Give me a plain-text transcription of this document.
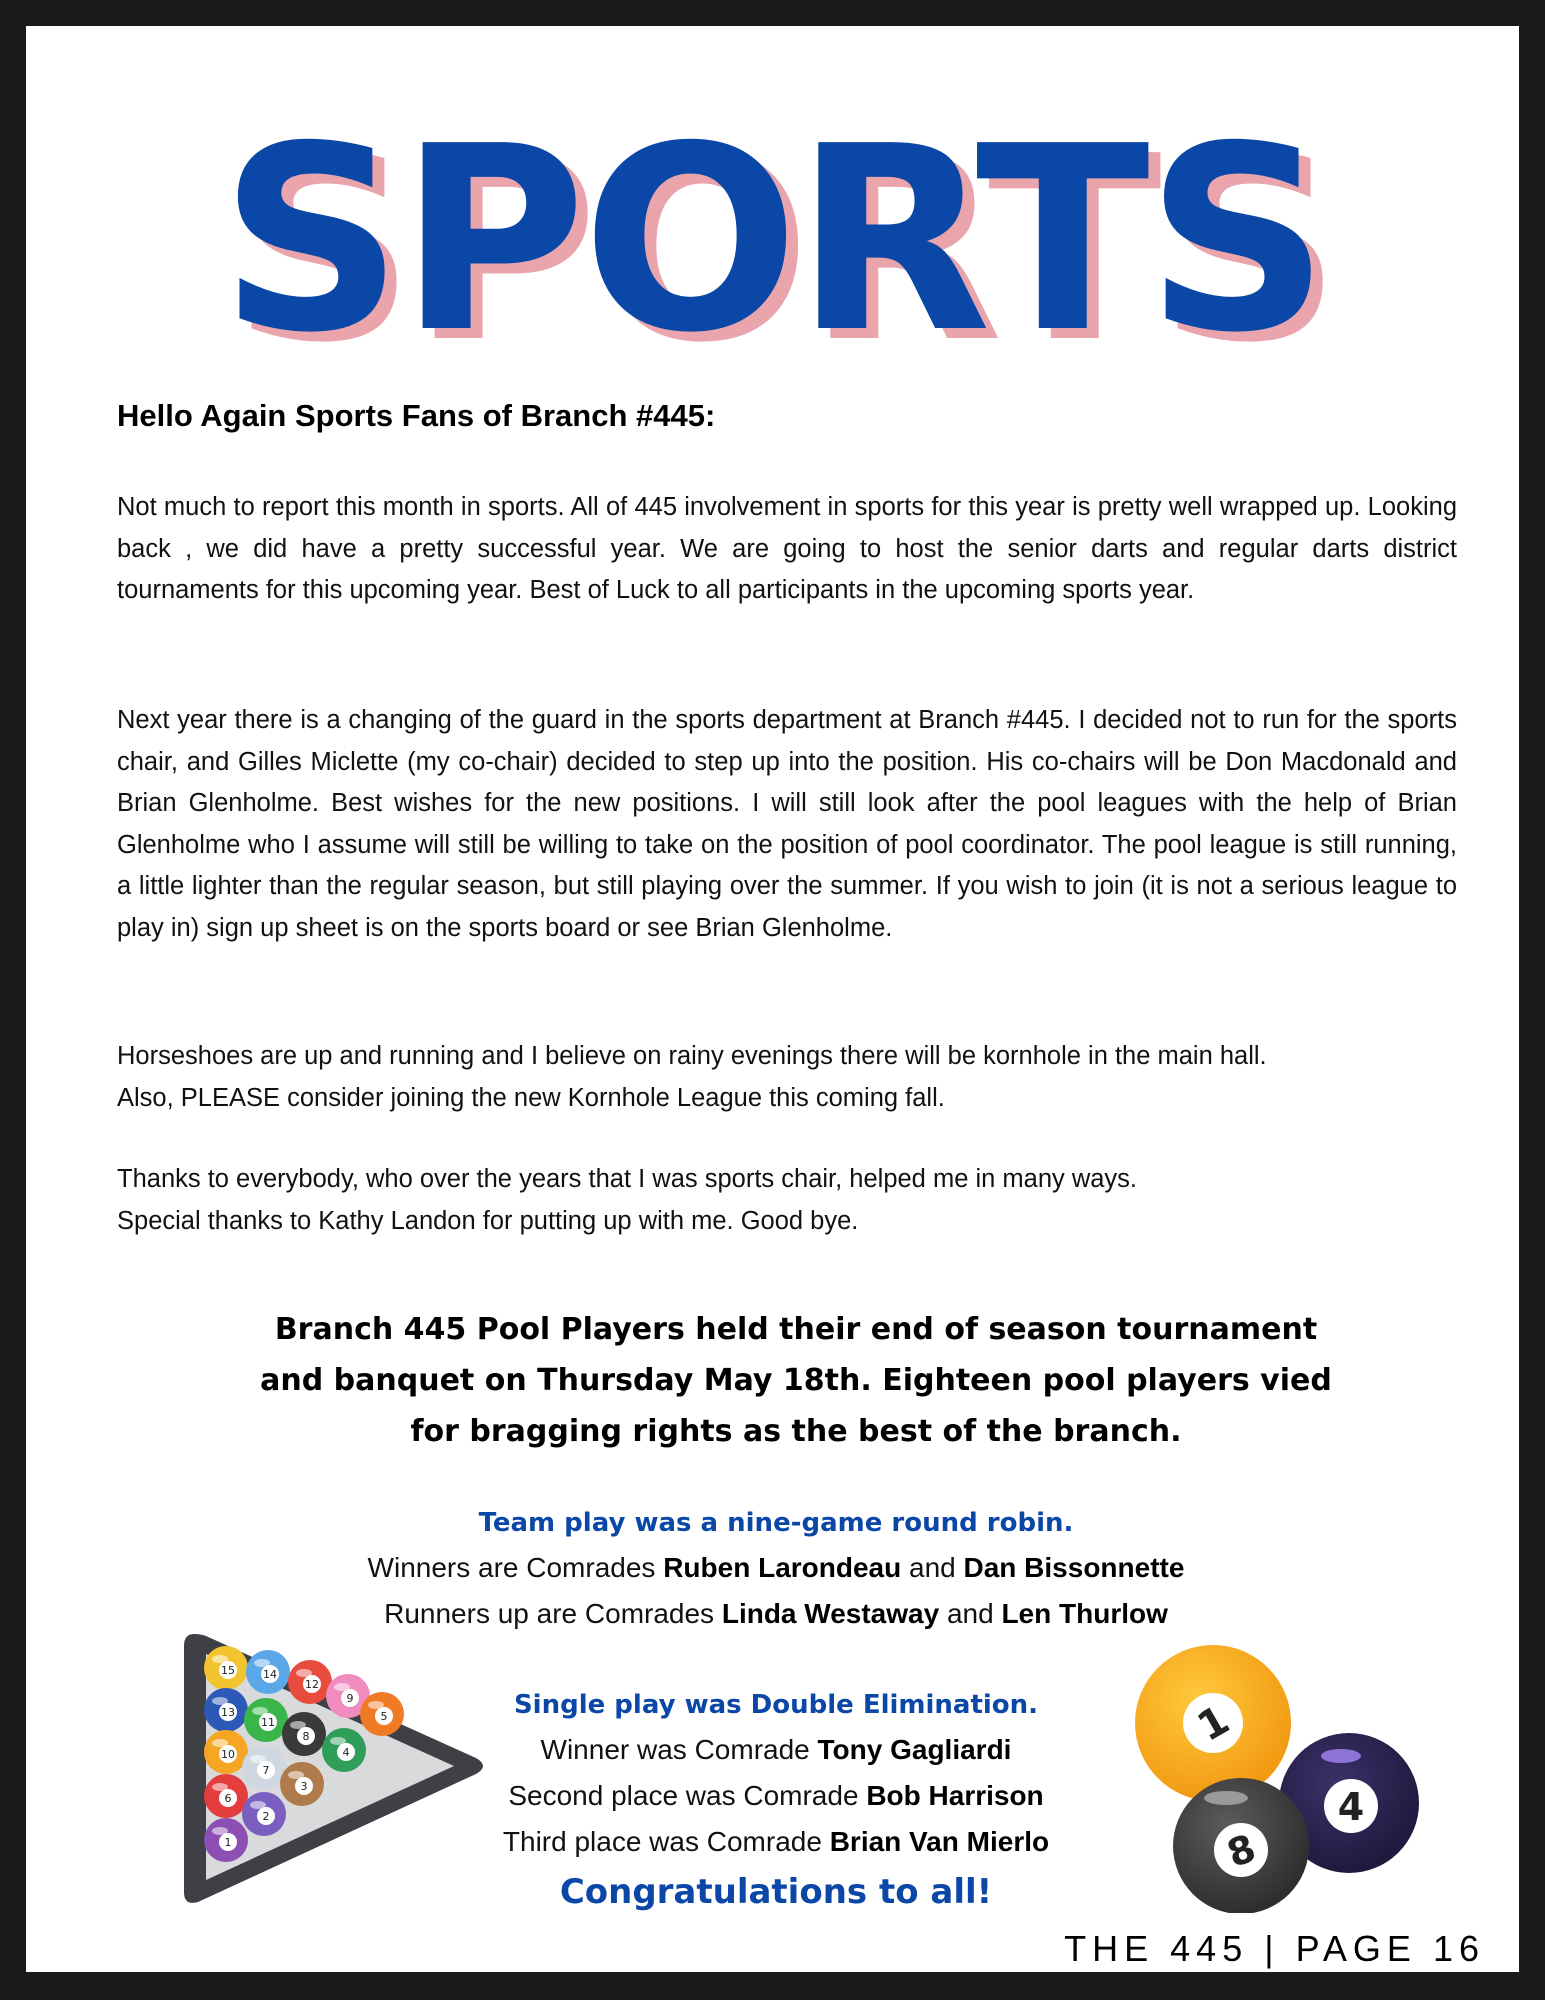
SPORTS
Hello Again Sports Fans of Branch #445:

Not much to report this month in sports. All of 445 involvement in sports for this year is pretty well wrapped up. Looking back , we did have a pretty successful year. We are going to host the senior darts and regular darts district tournaments for this upcoming year. Best of Luck to all participants in the upcoming sports year.

Next year there is a changing of the guard in the sports department at Branch #445. I decided not to run for the sports chair, and Gilles Miclette (my co-chair) decided to step up into the position. His co-chairs will be Don Macdonald and Brian Glenholme. Best wishes for the new positions. I will still look after the pool leagues with the help of Brian Glenholme who I assume will still be willing to take on the position of pool coordinator. The pool league is still running, a little lighter than the regular season, but still playing over the summer. If you wish to join (it is not a serious league to play in) sign up sheet is on the sports board or see Brian Glenholme.

Horseshoes are up and running and I believe on rainy evenings there will be kornhole in the main hall.
Also, PLEASE consider joining the new Kornhole League this coming fall.

Thanks to everybody, who over the years that I was sports chair, helped me in many ways.
Special thanks to Kathy Landon for putting up with me. Good bye.

Branch 445 Pool Players held their end of season tournament
and banquet on Thursday May 18th. Eighteen pool players vied
for bragging rights as the best of the branch.
Team play was a nine-game round robin.
Winners are Comrades Ruben Larondeau and Dan Bissonnette
Runners up are Comrades Linda Westaway and Len Thurlow
Single play was Double Elimination.
Winner was Comrade Tony Gagliardi
Second place was Comrade Bob Harrison
Third place was Comrade Brian Van Mierlo
Congratulations to all!
15	14
12
9
5
13
11
8
4
10
7
3
6
2
1
1
4
8
THE 445 | PAGE 16
